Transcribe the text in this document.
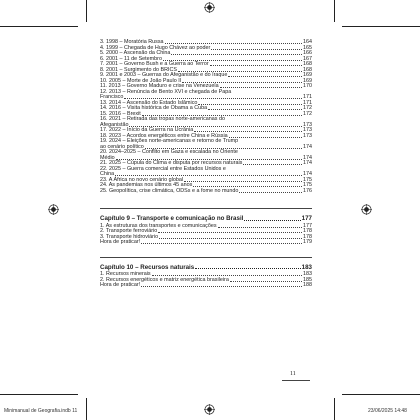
3. 1998 – Moratória Russa	164
4. 1999 – Chegada de Hugo Chávez ao poder	165
5. 2000 – Ascensão da China	166
6. 2001 – 11 de Setembro	167
7. 2001 – Governo Bush e a Guerra ao Terror	168
8. 2001 – Surgimento do BRICS	168
9. 2001 e 2003 – Guerras do Afeganistão e do Iraque	169
10. 2005 – Morte de João Paulo II	169
11. 2013 – Governo Maduro e crise na Venezuela	170
12. 2013 – Renúncia de Bento XVI e chegada de Papa
Francisco	171
13. 2014 – Ascensão do Estado Islâmico	171
14. 2016 – Visita histórica de Obama a Cuba	172
15. 2016 – Brexit	172
16. 2021 – Retirada das tropas norte-americanas do
Afeganistão	173
17. 2022 – Início da Guerra na Ucrânia	173
18. 2023 – Acordos energéticos entre China e Rússia	173
19. 2024 – Eleições norte-americanas e retorno de Trump
ao cenário político	174
20. 2024–2025 – Conflito em Gaza e escalada no Oriente
Médio	174
21. 2025 – Cúpula do Clima e disputa por recursos naturais	174
22. 2025 – Guerra comercial entre Estados Unidos e
China	174
23. A África no novo cenário global	175
24. As pandemias nos últimos 45 anos	175
25. Geopolítica, crise climática, ODSs e a fome no mundo	176
Capítulo 9 – Transporte e comunicação no Brasil	177
1. As estruturas dos transportes e comunicações	177
2. Transporte ferroviário	178
3. Transporte hidroviário	178
Hora de praticar!	179
Capítulo 10 – Recursos naturais	183
1. Recursos minerais	183
2. Recursos energéticos e matriz energética brasileira	185
Hora de praticar!	188
11
Minimanual de Geografia.indb 11	23/06/2025 14:48
